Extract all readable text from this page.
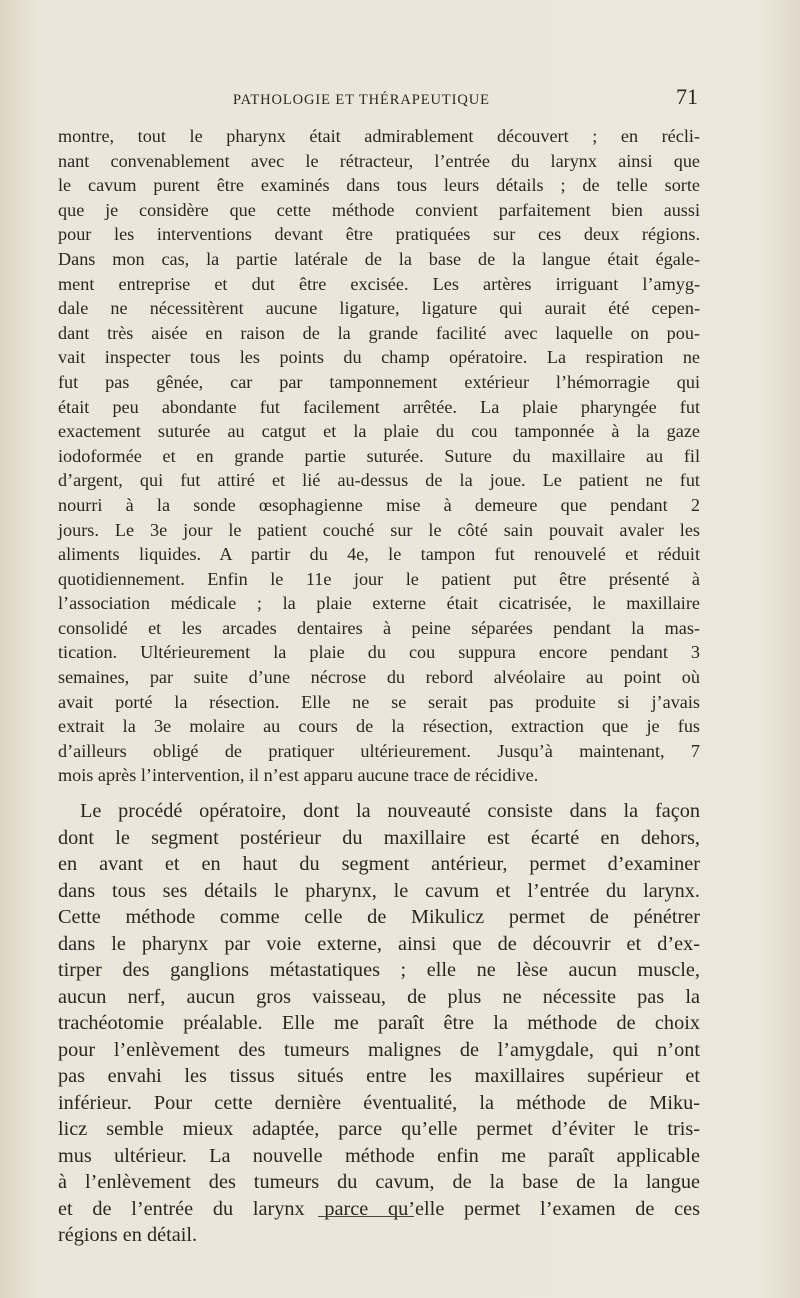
PATHOLOGIE ET THÉRAPEUTIQUE	71
montre, tout le pharynx était admirablement découvert ; en récli-
nant convenablement avec le rétracteur, l’entrée du larynx ainsi que
le cavum purent être examinés dans tous leurs détails ; de telle sorte
que je considère que cette méthode convient parfaitement bien aussi
pour les interventions devant être pratiquées sur ces deux régions.
Dans mon cas, la partie latérale de la base de la langue était égale-
ment entreprise et dut être excisée. Les artères irriguant l’amyg-
dale ne nécessitèrent aucune ligature, ligature qui aurait été cepen-
dant très aisée en raison de la grande facilité avec laquelle on pou-
vait inspecter tous les points du champ opératoire. La respiration ne
fut pas gênée, car par tamponnement extérieur l’hémorragie qui
était peu abondante fut facilement arrêtée. La plaie pharyngée fut
exactement suturée au catgut et la plaie du cou tamponnée à la gaze
iodoformée et en grande partie suturée. Suture du maxillaire au fil
d’argent, qui fut attiré et lié au-dessus de la joue. Le patient ne fut
nourri à la sonde œsophagienne mise à demeure que pendant 2
jours. Le 3e jour le patient couché sur le côté sain pouvait avaler les
aliments liquides. A partir du 4e, le tampon fut renouvelé et réduit
quotidiennement. Enfin le 11e jour le patient put être présenté à
l’association médicale ; la plaie externe était cicatrisée, le maxillaire
consolidé et les arcades dentaires à peine séparées pendant la mas-
tication. Ultérieurement la plaie du cou suppura encore pendant 3
semaines, par suite d’une nécrose du rebord alvéolaire au point où
avait porté la résection. Elle ne se serait pas produite si j’avais
extrait la 3e molaire au cours de la résection, extraction que je fus
d’ailleurs obligé de pratiquer ultérieurement. Jusqu’à maintenant, 7
mois après l’intervention, il n’est apparu aucune trace de récidive.
Le procédé opératoire, dont la nouveauté consiste dans la façon
dont le segment postérieur du maxillaire est écarté en dehors,
en avant et en haut du segment antérieur, permet d’examiner
dans tous ses détails le pharynx, le cavum et l’entrée du larynx.
Cette méthode comme celle de Mikulicz permet de pénétrer
dans le pharynx par voie externe, ainsi que de découvrir et d’ex-
tirper des ganglions métastatiques ; elle ne lèse aucun muscle,
aucun nerf, aucun gros vaisseau, de plus ne nécessite pas la
trachéotomie préalable. Elle me paraît être la méthode de choix
pour l’enlèvement des tumeurs malignes de l’amygdale, qui n’ont
pas envahi les tissus situés entre les maxillaires supérieur et
inférieur. Pour cette dernière éventualité, la méthode de Miku-
licz semble mieux adaptée, parce qu’elle permet d’éviter le tris-
mus ultérieur. La nouvelle méthode enfin me paraît applicable
à l’enlèvement des tumeurs du cavum, de la base de la langue
et de l’entrée du larynx parce qu’elle permet l’examen de ces
régions en détail.
